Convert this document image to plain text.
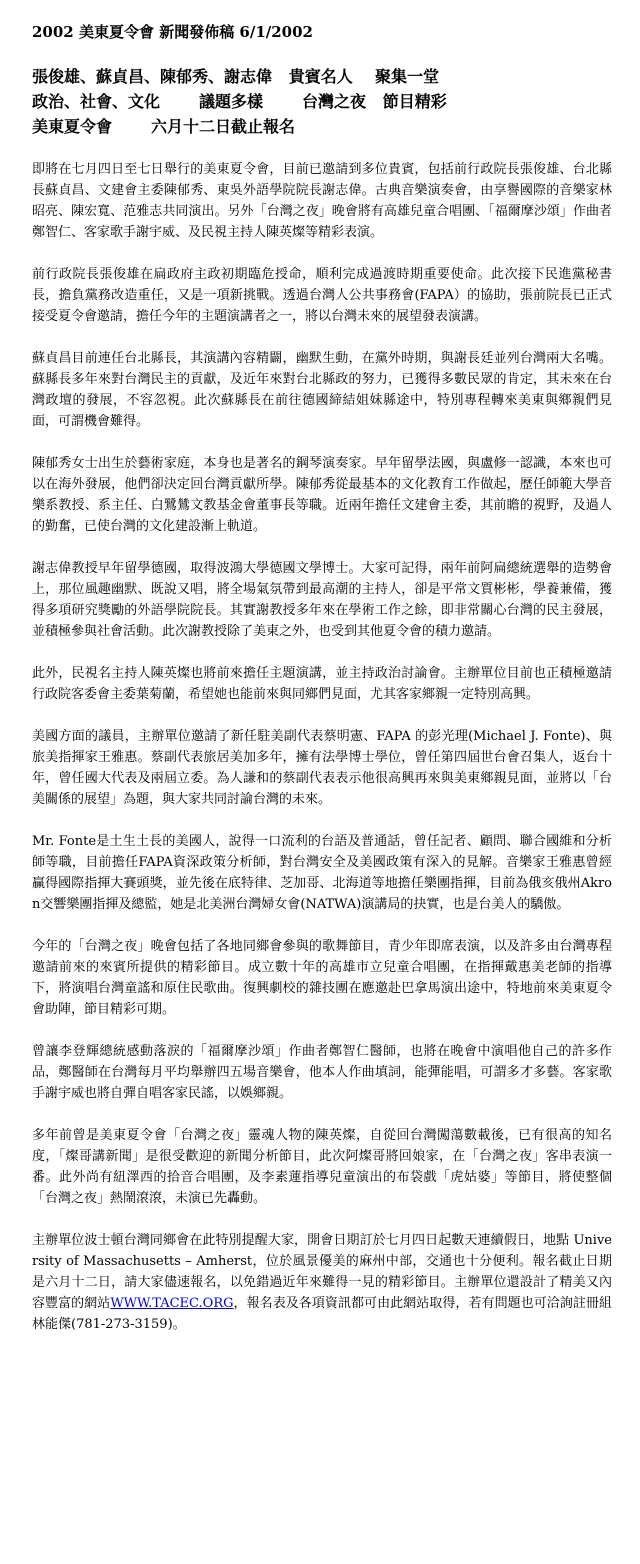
2002 美東夏令會 新聞發佈稿 6/1/2002
張俊雄、蘇貞昌、陳郁秀、謝志偉   貴賓名人    聚集一堂
政治、社會、文化       議題多樣       台灣之夜   節目精彩
美東夏令會       六月十二日截止報名

即將在七月四日至七日舉行的美東夏令會，目前已邀請到多位貴賓，包括前行政院長張俊雄、台北縣長蘇貞昌、文建會主委陳郁秀、東吳外語學院院長謝志偉。古典音樂演奏會，由享譽國際的音樂家林昭亮、陳宏寬、范雅志共同演出。另外「台灣之夜」晚會將有高雄兒童合唱團、「福爾摩沙頌」作曲者鄭智仁、客家歌手謝宇威、及民視主持人陳英燦等精彩表演。

前行政院長張俊雄在扁政府主政初期臨危授命，順利完成過渡時期重要使命。此次接下民進黨秘書長，擔負黨務改造重任，又是一項新挑戰。透過台灣人公共事務會(FAPA）的協助，張前院長已正式接受夏令會邀請，擔任今年的主題演講者之一，將以台灣未來的展望發表演講。

蘇貞昌目前連任台北縣長，其演講內容精闢，幽默生動，在黨外時期，與謝長廷並列台灣兩大名嘴。蘇縣長多年來對台灣民主的貢獻，及近年來對台北縣政的努力，已獲得多數民眾的肯定，其未來在台灣政壇的發展，不容忽視。此次蘇縣長在前往德國締結姐妹縣途中，特別專程轉來美東與鄉親們見面，可謂機會難得。

陳郁秀女士出生於藝術家庭，本身也是著名的鋼琴演奏家。早年留學法國，與盧修一認識，本來也可以在海外發展，他們卻決定回台灣貢獻所學。陳郁秀從最基本的文化教育工作做起，歷任師範大學音樂系教授、系主任、白鷺鷥文教基金會董事長等職。近兩年擔任文建會主委，其前瞻的視野，及過人的勤奮，已使台灣的文化建設漸上軌道。

謝志偉教授早年留學德國，取得波鴻大學德國文學博士。大家可記得，兩年前阿扁總統選舉的造勢會上，那位風趣幽默、既說又唱，將全場氣氛帶到最高潮的主持人，卻是平常文質彬彬，學養兼備，獲得多項研究獎勵的外語學院院長。其實謝教授多年來在學術工作之餘，即非常關心台灣的民主發展，並積極參與社會活動。此次謝教授除了美東之外，也受到其他夏令會的積力邀請。

此外，民視名主持人陳英燦也將前來擔任主題演講，並主持政治討論會。主辦單位目前也正積極邀請行政院客委會主委葉菊蘭，希望她也能前來與同鄉們見面，尤其客家鄉親一定特別高興。

美國方面的議員，主辦單位邀請了新任駐美副代表蔡明憲、FAPA 的彭光理(Michael J. Fonte)、與旅美指揮家王雅惠。蔡副代表旅居美加多年，擁有法學博士學位，曾任第四屆世台會召集人，返台十年，曾任國大代表及兩屆立委。為人謙和的蔡副代表表示他很高興再來與美東鄉親見面，並將以「台美關係的展望」為題，與大家共同討論台灣的未來。

Mr. Fonte是土生土長的美國人，說得一口流利的台語及普通話，曾任記者、顧問、聯合國維和分析師等職，目前擔任FAPA資深政策分析師，對台灣安全及美國政策有深入的見解。音樂家王雅惠曾經贏得國際指揮大賽頭獎，並先後在底特律、芝加哥、北海道等地擔任樂團指揮，目前為俄亥俄州Akron交響樂團指揮及總監，她是北美洲台灣婦女會(NATWA)演講局的抉實，也是台美人的驕傲。

今年的「台灣之夜」晚會包括了各地同鄉會參與的歌舞節目，青少年即席表演，以及許多由台灣專程邀請前來的來賓所提供的精彩節目。成立數十年的高雄市立兒童合唱團，在指揮戴惠美老師的指導下，將演唱台灣童謠和原住民歌曲。復興劇校的雜技團在應邀赴巴拿馬演出途中，特地前來美東夏令會助陣，節目精彩可期。

曾讓李登輝總統感動落淚的「福爾摩沙頌」作曲者鄭智仁醫師，也將在晚會中演唱他自己的許多作品，鄭醫師在台灣每月平均舉辦四五場音樂會，他本人作曲填詞，能彈能唱，可謂多才多藝。客家歌手謝宇威也將自彈自唱客家民謠，以娛鄉親。

多年前曾是美東夏令會「台灣之夜」靈魂人物的陳英燦，自從回台灣闖蕩數載後，已有很高的知名度，「燦哥講新聞」是很受歡迎的新聞分析節目，此次阿燦哥將回娘家，在「台灣之夜」客串表演一番。此外尚有紐澤西的拾音合唱團，及李素蓮指導兒童演出的布袋戲「虎姑婆」等節目，將使整個「台灣之夜」熱鬧滾滾，未演已先轟動。

主辦單位波士頓台灣同鄉會在此特別提醒大家，開會日期訂於七月四日起數天連續假日，地點 University of Massachusetts – Amherst，位於風景優美的麻州中部，交通也十分便利。報名截止日期是六月十二日，請大家儘速報名，以免錯過近年來難得一見的精彩節目。主辦單位還設計了精美又內容豐富的網站WWW.TACEC.ORG，報名表及各項資訊都可由此網站取得，若有問題也可洽詢註冊組林能傑(781-273-3159)。
